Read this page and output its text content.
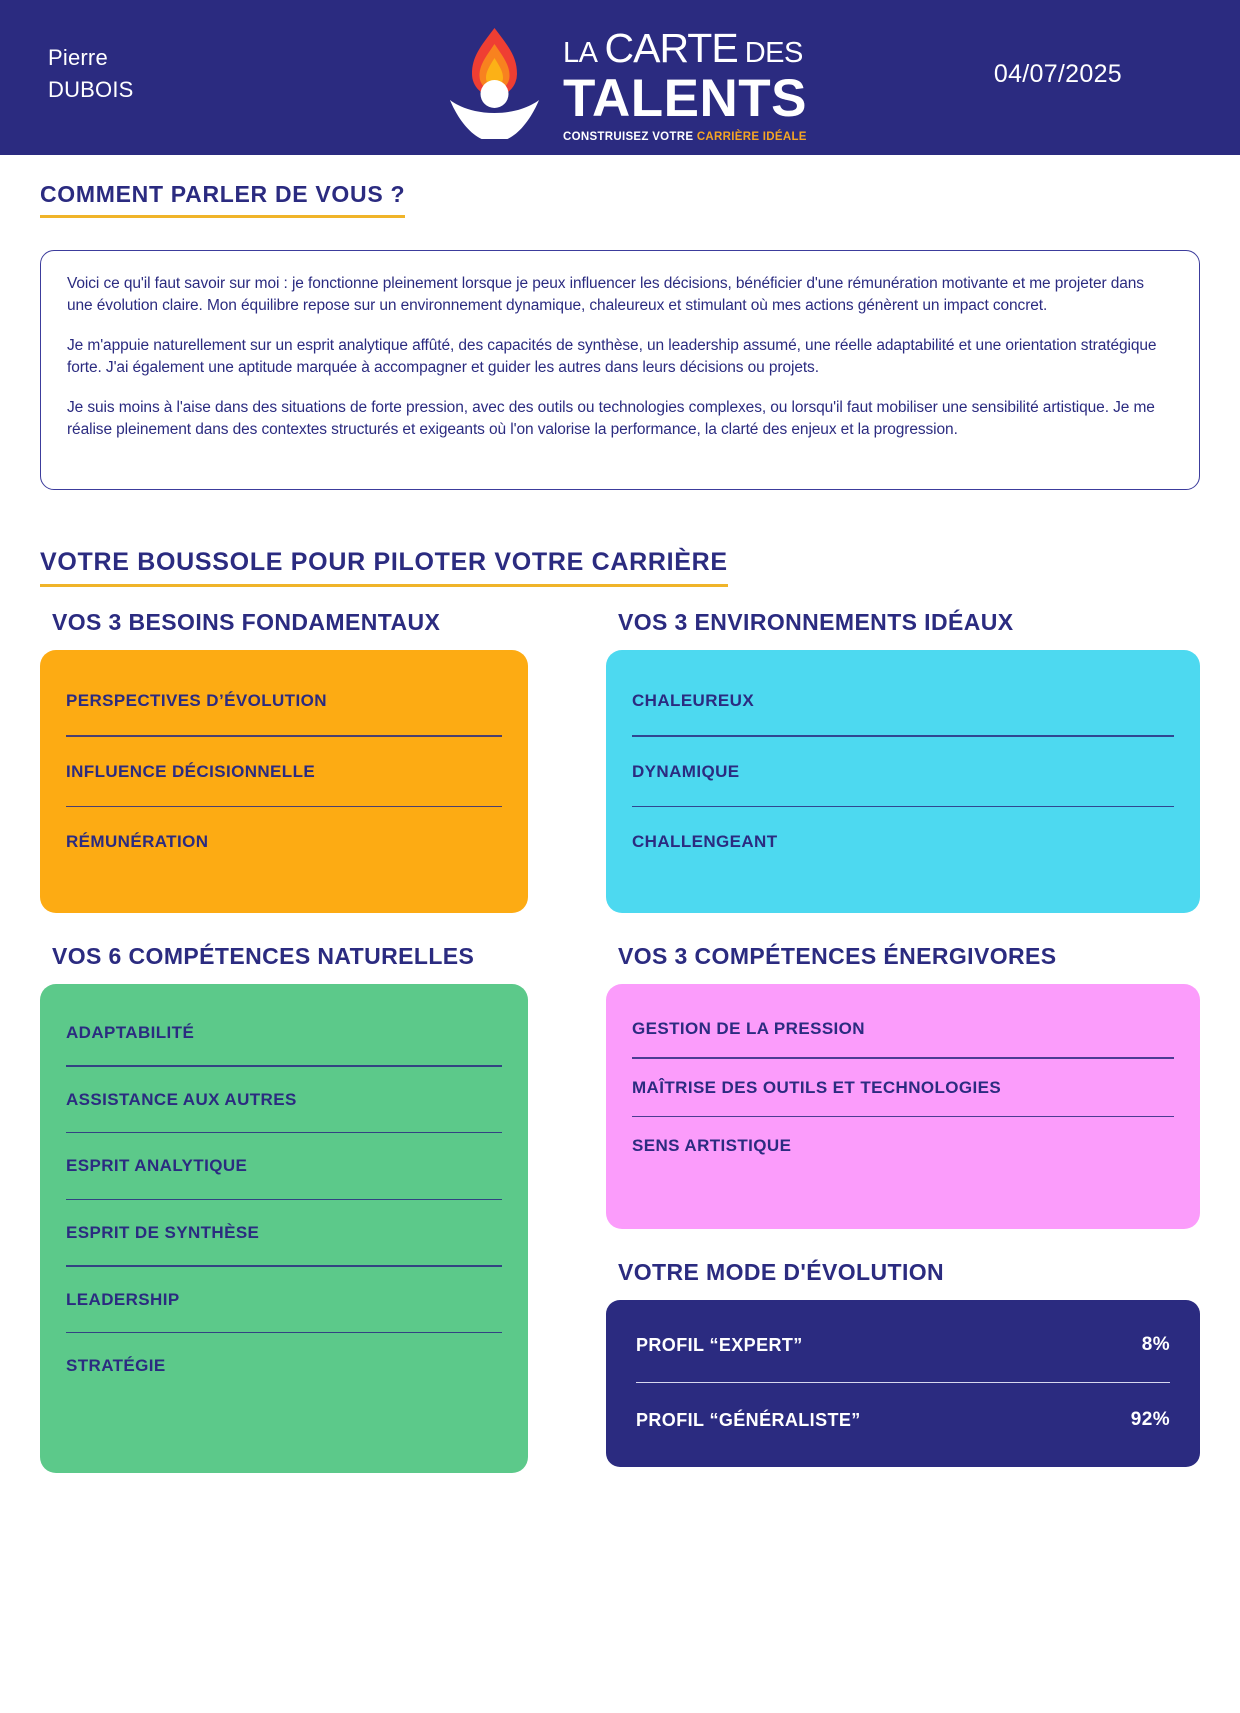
Pierre
DUBOIS
LA CARTE DES
TALENTS
CONSTRUISEZ VOTRE CARRIÈRE IDÉALE
04/07/2025
COMMENT PARLER DE VOUS ?

Voici ce qu'il faut savoir sur moi : je fonctionne pleinement lorsque je peux influencer les décisions, bénéficier d'une rémunération motivante et me projeter dans une évolution claire. Mon équilibre repose sur un environnement dynamique, chaleureux et stimulant où mes actions génèrent un impact concret.

Je m'appuie naturellement sur un esprit analytique affûté, des capacités de synthèse, un leadership assumé, une réelle adaptabilité et une orientation stratégique forte. J'ai également une aptitude marquée à accompagner et guider les autres dans leurs décisions ou projets.

Je suis moins à l'aise dans des situations de forte pression, avec des outils ou technologies complexes, ou lorsqu'il faut mobiliser une sensibilité artistique. Je me réalise pleinement dans des contextes structurés et exigeants où l'on valorise la performance, la clarté des enjeux et la progression.

VOTRE BOUSSOLE POUR PILOTER VOTRE CARRIÈRE
VOS 3 BESOINS FONDAMENTAUX
PERSPECTIVES D’ÉVOLUTION
INFLUENCE DÉCISIONNELLE
RÉMUNÉRATION
VOS 6 COMPÉTENCES NATURELLES
ADAPTABILITÉ
ASSISTANCE AUX AUTRES
ESPRIT ANALYTIQUE
ESPRIT DE SYNTHÈSE
LEADERSHIP
STRATÉGIE
VOS 3 ENVIRONNEMENTS IDÉAUX
CHALEUREUX
DYNAMIQUE
CHALLENGEANT
VOS 3 COMPÉTENCES ÉNERGIVORES
GESTION DE LA PRESSION
MAÎTRISE DES OUTILS ET TECHNOLOGIES
SENS ARTISTIQUE
VOTRE MODE D'ÉVOLUTION
PROFIL “EXPERT”	8%
PROFIL “GÉNÉRALISTE”	92%
